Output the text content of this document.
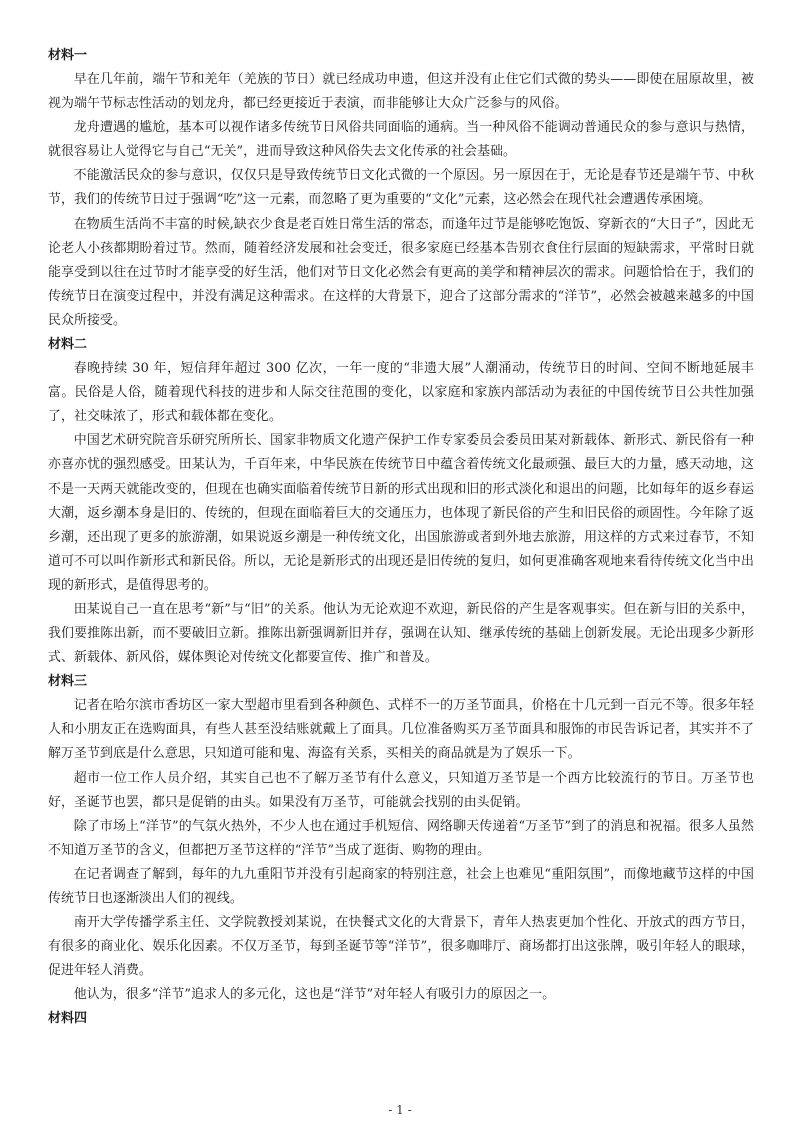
材料一

早在几年前，端午节和羌年（羌族的节日）就已经成功申遗，但这并没有止住它们式微的势头——即使在屈原故里，被视为端午节标志性活动的划龙舟，都已经更接近于表演，而非能够让大众广泛参与的风俗。

龙舟遭遇的尴尬，基本可以视作诸多传统节日风俗共同面临的通病。当一种风俗不能调动普通民众的参与意识与热情，就很容易让人觉得它与自己“无关”，进而导致这种风俗失去文化传承的社会基础。

不能激活民众的参与意识，仅仅只是导致传统节日文化式微的一个原因。另一原因在于，无论是春节还是端午节、中秋节，我们的传统节日过于强调“吃”这一元素，而忽略了更为重要的“文化”元素，这必然会在现代社会遭遇传承困境。

在物质生活尚不丰富的时候,缺衣少食是老百姓日常生活的常态，而逢年过节是能够吃饱饭、穿新衣的“大日子”，因此无论老人小孩都期盼着过节。然而，随着经济发展和社会变迁，很多家庭已经基本告别衣食住行层面的短缺需求，平常时日就能享受到以往在过节时才能享受的好生活，他们对节日文化必然会有更高的美学和精神层次的需求。问题恰恰在于，我们的传统节日在演变过程中，并没有满足这种需求。在这样的大背景下，迎合了这部分需求的“洋节”，必然会被越来越多的中国民众所接受。

材料二

春晚持续 30 年，短信拜年超过 300 亿次，一年一度的“非遗大展”人潮涌动，传统节日的时间、空间不断地延展丰富。民俗是人俗，随着现代科技的进步和人际交往范围的变化，以家庭和家族内部活动为表征的中国传统节日公共性加强了，社交味浓了，形式和载体都在变化。

中国艺术研究院音乐研究所所长、国家非物质文化遗产保护工作专家委员会委员田某对新载体、新形式、新民俗有一种亦喜亦忧的强烈感受。田某认为，千百年来，中华民族在传统节日中蕴含着传统文化最顽强、最巨大的力量，感天动地，这不是一天两天就能改变的，但现在也确实面临着传统节日新的形式出现和旧的形式淡化和退出的问题，比如每年的返乡春运大潮，返乡潮本身是旧的、传统的，但现在面临着巨大的交通压力，也体现了新民俗的产生和旧民俗的顽固性。今年除了返乡潮，还出现了更多的旅游潮，如果说返乡潮是一种传统文化，出国旅游或者到外地去旅游，用这样的方式来过春节，不知道可不可以叫作新形式和新民俗。所以，无论是新形式的出现还是旧传统的复归，如何更准确客观地来看待传统文化当中出现的新形式，是值得思考的。

田某说自己一直在思考“新”与“旧”的关系。他认为无论欢迎不欢迎，新民俗的产生是客观事实。但在新与旧的关系中，我们要推陈出新，而不要破旧立新。推陈出新强调新旧并存，强调在认知、继承传统的基础上创新发展。无论出现多少新形式、新载体、新风俗，媒体舆论对传统文化都要宣传、推广和普及。

材料三

记者在哈尔滨市香坊区一家大型超市里看到各种颜色、式样不一的万圣节面具，价格在十几元到一百元不等。很多年轻人和小朋友正在选购面具，有些人甚至没结账就戴上了面具。几位准备购买万圣节面具和服饰的市民告诉记者，其实并不了解万圣节到底是什么意思，只知道可能和鬼、海盗有关系，买相关的商品就是为了娱乐一下。

超市一位工作人员介绍，其实自己也不了解万圣节有什么意义，只知道万圣节是一个西方比较流行的节日。万圣节也好，圣诞节也罢，都只是促销的由头。如果没有万圣节，可能就会找别的由头促销。

除了市场上“洋节”的气氛火热外，不少人也在通过手机短信、网络聊天传递着“万圣节”到了的消息和祝福。很多人虽然不知道万圣节的含义，但都把万圣节这样的“洋节”当成了逛街、购物的理由。

在记者调查了解到，每年的九九重阳节并没有引起商家的特别注意，社会上也难见“重阳氛围”，而像地藏节这样的中国传统节日也逐渐淡出人们的视线。

南开大学传播学系主任、文学院教授刘某说，在快餐式文化的大背景下，青年人热衷更加个性化、开放式的西方节日，有很多的商业化、娱乐化因素。不仅万圣节，每到圣诞节等“洋节”，很多咖啡厅、商场都打出这张牌，吸引年轻人的眼球，促进年轻人消费。

他认为，很多“洋节”追求人的多元化，这也是“洋节”对年轻人有吸引力的原因之一。

材料四
- 1 -
